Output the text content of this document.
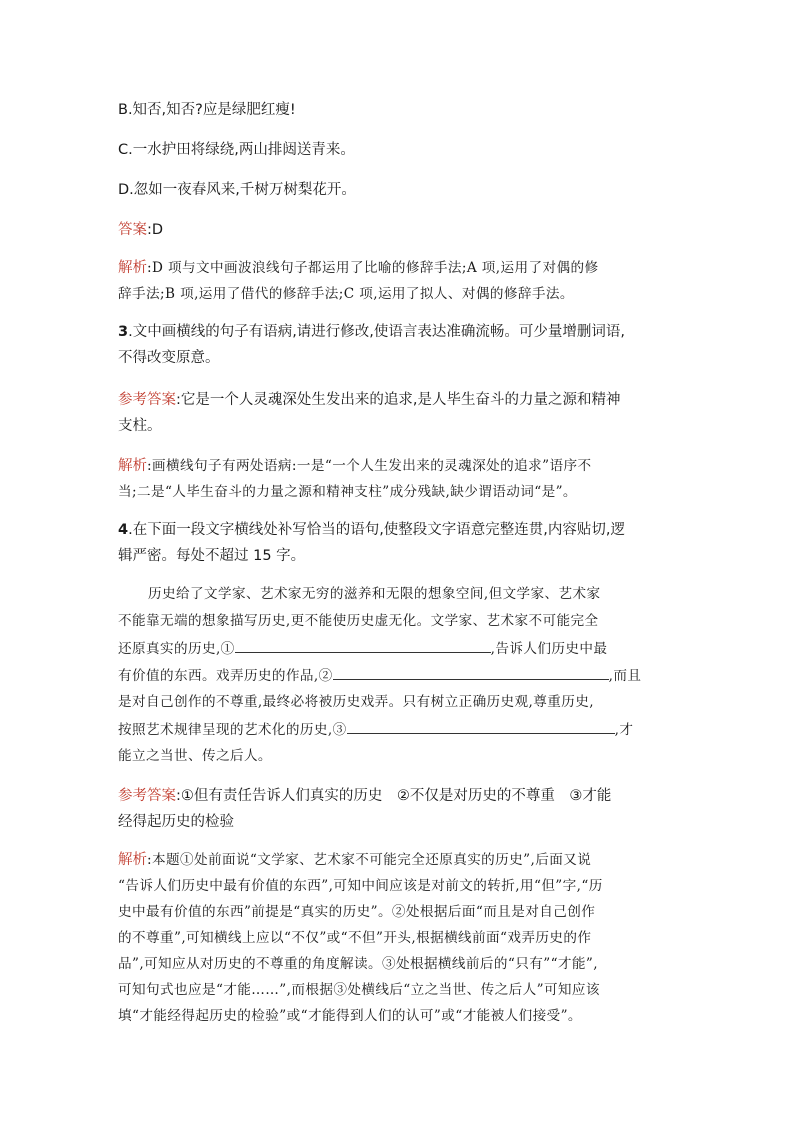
B.知否,知否?应是绿肥红瘦!
C.一水护田将绿绕,两山排闼送青来。
D.忽如一夜春风来,千树万树梨花开。
答案:D
解析:D 项与文中画波浪线句子都运用了比喻的修辞手法;A 项,运用了对偶的修
辞手法;B 项,运用了借代的修辞手法;C 项,运用了拟人、对偶的修辞手法。
3.文中画横线的句子有语病,请进行修改,使语言表达准确流畅。可少量增删词语,
不得改变原意。
参考答案:它是一个人灵魂深处生发出来的追求,是人毕生奋斗的力量之源和精神
支柱。
解析:画横线句子有两处语病:一是“一个人生发出来的灵魂深处的追求”语序不
当;二是“人毕生奋斗的力量之源和精神支柱”成分残缺,缺少谓语动词“是”。
4.在下面一段文字横线处补写恰当的语句,使整段文字语意完整连贯,内容贴切,逻
辑严密。每处不超过 15 字。
历史给了文学家、艺术家无穷的滋养和无限的想象空间,但文学家、艺术家
不能靠无端的想象描写历史,更不能使历史虚无化。文学家、艺术家不可能完全
还原真实的历史,①	,告诉人们历史中最
有价值的东西。戏弄历史的作品,②	,而且
是对自己创作的不尊重,最终必将被历史戏弄。只有树立正确历史观,尊重历史,
按照艺术规律呈现的艺术化的历史,③	,才
能立之当世、传之后人。
参考答案:①但有责任告诉人们真实的历史　②不仅是对历史的不尊重　③才能
经得起历史的检验
解析:本题①处前面说“文学家、艺术家不可能完全还原真实的历史”,后面又说
“告诉人们历史中最有价值的东西”,可知中间应该是对前文的转折,用“但”字,“历
史中最有价值的东西”前提是“真实的历史”。②处根据后面“而且是对自己创作
的不尊重”,可知横线上应以“不仅”或“不但”开头,根据横线前面“戏弄历史的作
品”,可知应从对历史的不尊重的角度解读。③处根据横线前后的“只有”“才能”,
可知句式也应是“才能……”,而根据③处横线后“立之当世、传之后人”可知应该
填“才能经得起历史的检验”或“才能得到人们的认可”或“才能被人们接受”。
